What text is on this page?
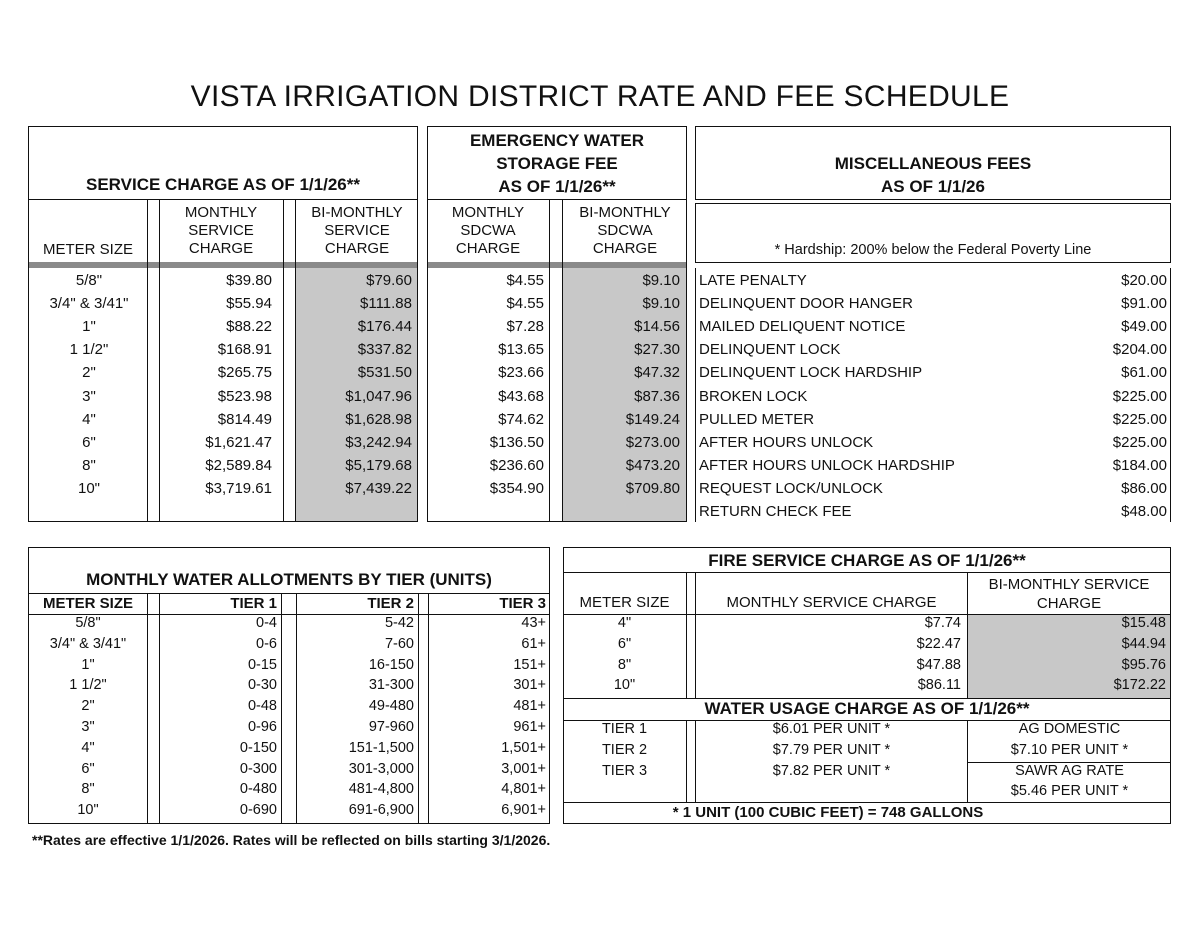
VISTA IRRIGATION DISTRICT RATE AND FEE SCHEDULE
SERVICE CHARGE AS OF 1/1/26**
EMERGENCY WATER
STORAGE FEE
AS OF 1/1/26**
METER SIZE
MONTHLY
SERVICE
CHARGE
BI-MONTHLY
SERVICE
CHARGE
MONTHLY
SDCWA
CHARGE
BI-MONTHLY
SDCWA
CHARGE
5/8"	$39.80	$79.60	$4.55	$9.10
3/4" & 3/41"	$55.94	$111.88	$4.55	$9.10
1"	$88.22	$176.44	$7.28	$14.56
1 1/2"	$168.91	$337.82	$13.65	$27.30
2"	$265.75	$531.50	$23.66	$47.32
3"	$523.98	$1,047.96	$43.68	$87.36
4"	$814.49	$1,628.98	$74.62	$149.24
6"	$1,621.47	$3,242.94	$136.50	$273.00
8"	$2,589.84	$5,179.68	$236.60	$473.20
10"	$3,719.61	$7,439.22	$354.90	$709.80
MISCELLANEOUS FEES
AS OF 1/1/26
* Hardship: 200% below the Federal Poverty Line
LATE PENALTY	$20.00
DELINQUENT DOOR HANGER	$91.00
MAILED DELIQUENT NOTICE	$49.00
DELINQUENT LOCK	$204.00
DELINQUENT LOCK HARDSHIP	$61.00
BROKEN LOCK	$225.00
PULLED METER	$225.00
AFTER HOURS UNLOCK	$225.00
AFTER HOURS UNLOCK HARDSHIP	$184.00
REQUEST LOCK/UNLOCK	$86.00
RETURN CHECK FEE	$48.00
MONTHLY WATER ALLOTMENTS BY TIER (UNITS)
METER SIZE	TIER 1	TIER 2	TIER 3
5/8"	0-4	5-42	43+
3/4" & 3/41"	0-6	7-60	61+
1"	0-15	16-150	151+
1 1/2"	0-30	31-300	301+
2"	0-48	49-480	481+
3"	0-96	97-960	961+
4"	0-150	151-1,500	1,501+
6"	0-300	301-3,000	3,001+
8"	0-480	481-4,800	4,801+
10"	0-690	691-6,900	6,901+
FIRE SERVICE CHARGE AS OF 1/1/26**
METER SIZE	MONTHLY SERVICE CHARGE
BI-MONTHLY SERVICE
CHARGE
4"	$7.74	$15.48
6"	$22.47	$44.94
8"	$47.88	$95.76
10"	$86.11	$172.22
WATER USAGE CHARGE AS OF 1/1/26**
TIER 1	$6.01 PER UNIT *	AG DOMESTIC
TIER 2	$7.79 PER UNIT *	$7.10 PER UNIT *
TIER 3	$7.82 PER UNIT *	SAWR AG RATE
$5.46 PER UNIT *
* 1 UNIT (100 CUBIC FEET) = 748 GALLONS
**Rates are effective 1/1/2026. Rates will be reflected on bills starting 3/1/2026.
